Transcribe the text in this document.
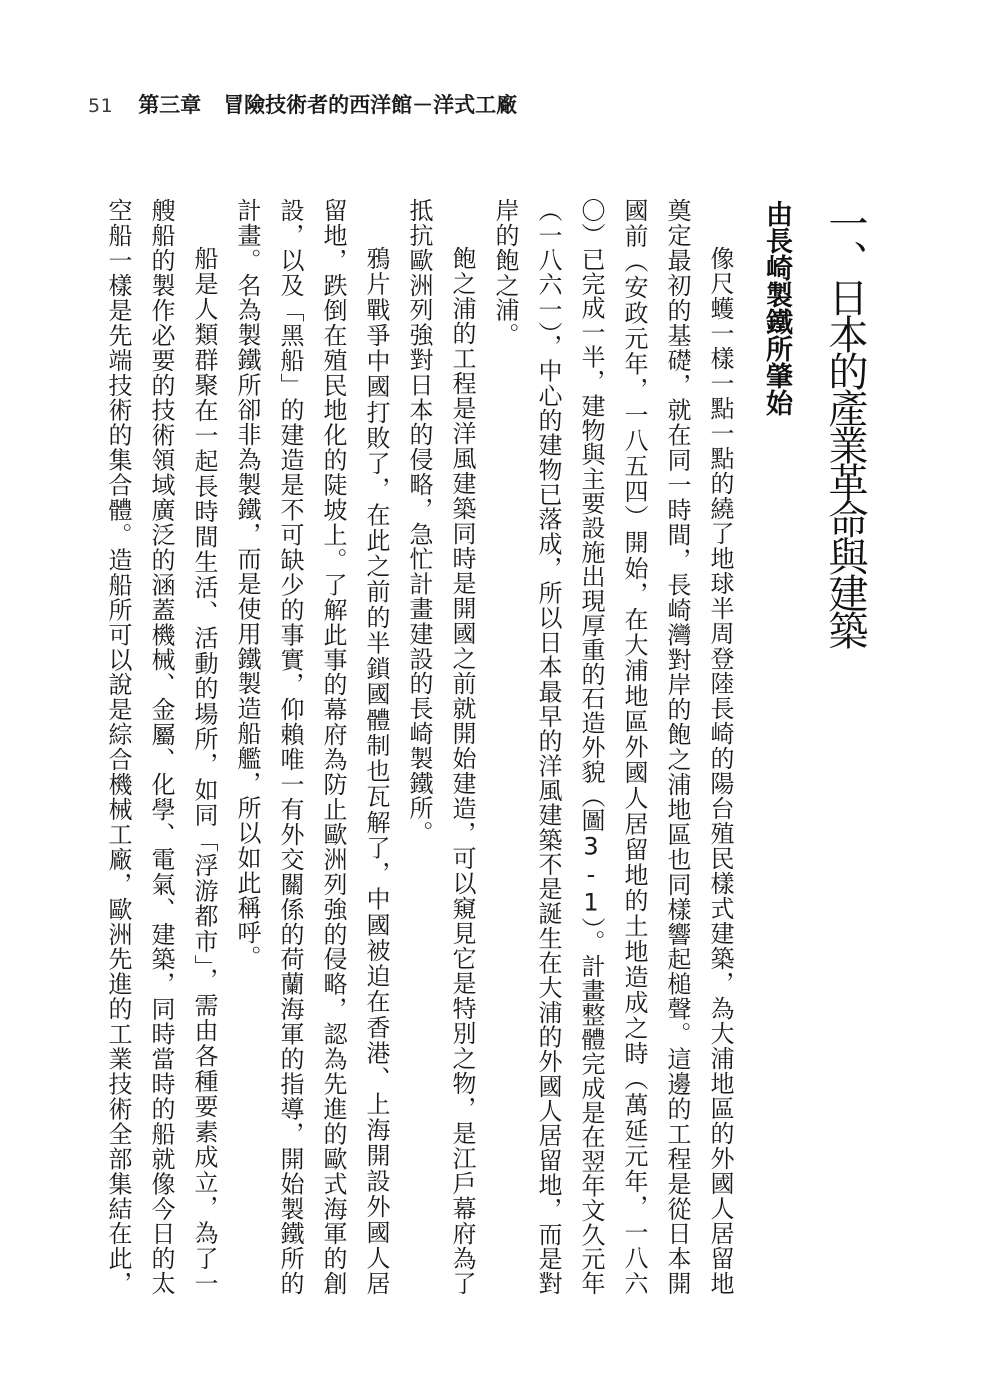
51 第三章 冒險技術者的西洋館－洋式工廠
一、日本的產業革命與建築
由長崎製鐵所肇始
像尺蠖一樣一點一點的繞了地球半周登陸長崎的陽台殖民樣式建築，為大浦地區的外國人居留地
奠定最初的基礎，就在同一時間，長崎灣對岸的飽之浦地區也同樣響起槌聲。這邊的工程是從日本開
國前（安政元年，一八五四）開始，在大浦地區外國人居留地的土地造成之時（萬延元年，一八六
〇）已完成一半，建物與主要設施出現厚重的石造外貌（圖3-1）。計畫整體完成是在翌年文久元年
（一八六一），中心的建物已落成，所以日本最早的洋風建築不是誕生在大浦的外國人居留地，而是對
岸的飽之浦。
飽之浦的工程是洋風建築同時是開國之前就開始建造，可以窺見它是特別之物，是江戶幕府為了
抵抗歐洲列強對日本的侵略，急忙計畫建設的長崎製鐵所。
鴉片戰爭中國打敗了，在此之前的半鎖國體制也瓦解了，中國被迫在香港、上海開設外國人居
留地，跌倒在殖民地化的陡坡上。了解此事的幕府為防止歐洲列強的侵略，認為先進的歐式海軍的創
設，以及「黑船」的建造是不可缺少的事實，仰賴唯一有外交關係的荷蘭海軍的指導，開始製鐵所的
計畫。名為製鐵所卻非為製鐵，而是使用鐵製造船艦，所以如此稱呼。
船是人類群聚在一起長時間生活、活動的場所，如同「浮游都市」，需由各種要素成立，為了一
艘船的製作必要的技術領域廣泛的涵蓋機械、金屬、化學、電氣、建築，同時當時的船就像今日的太
空船一樣是先端技術的集合體。造船所可以說是綜合機械工廠，歐洲先進的工業技術全部集結在此，
